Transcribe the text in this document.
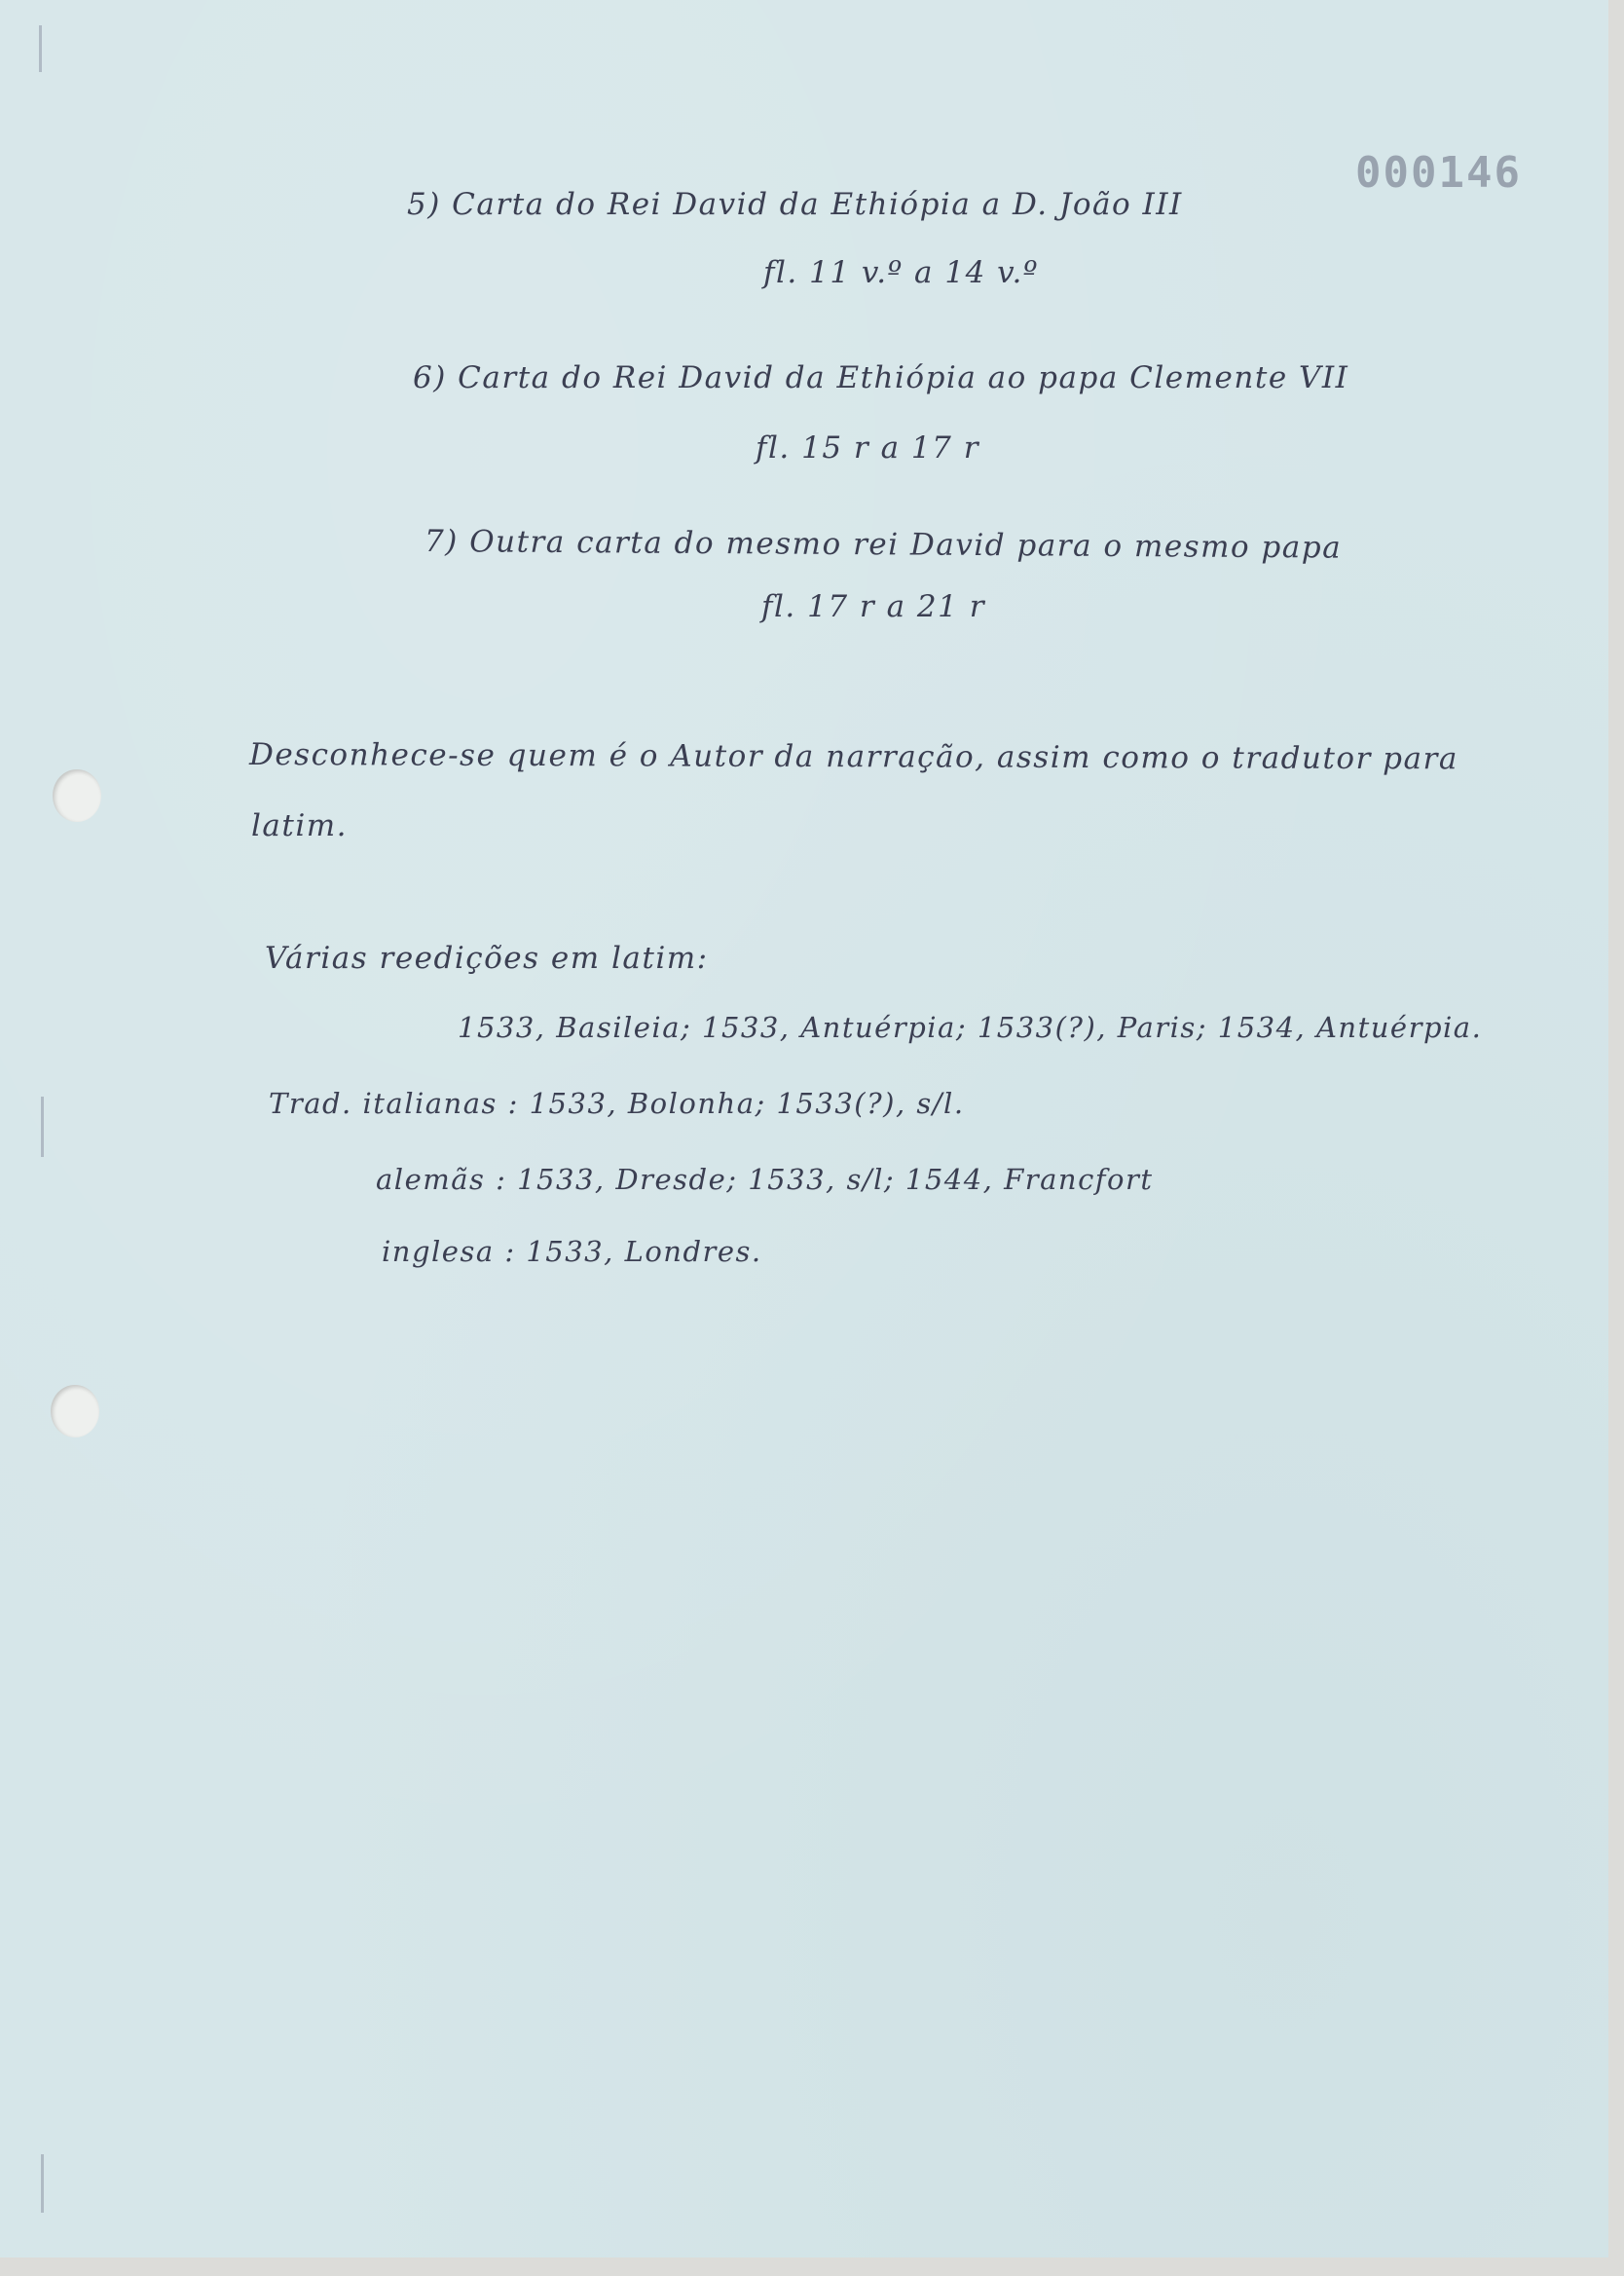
000146
5) Carta do Rei David da Ethiópia a D. João III
fl. 11 v.º a 14 v.º
6) Carta do Rei David da Ethiópia ao papa Clemente VII
fl. 15 r a 17 r
7) Outra carta do mesmo rei David para o mesmo papa
fl. 17 r a 21 r
Desconhece-se quem é o Autor da narração, assim como o tradutor para
latim.
Várias reedições em latim:
1533, Basileia; 1533, Antuérpia; 1533(?), Paris; 1534, Antuérpia.
Trad. italianas : 1533, Bolonha; 1533(?), s/l.
alemãs : 1533, Dresde; 1533, s/l; 1544, Francfort
inglesa : 1533, Londres.
